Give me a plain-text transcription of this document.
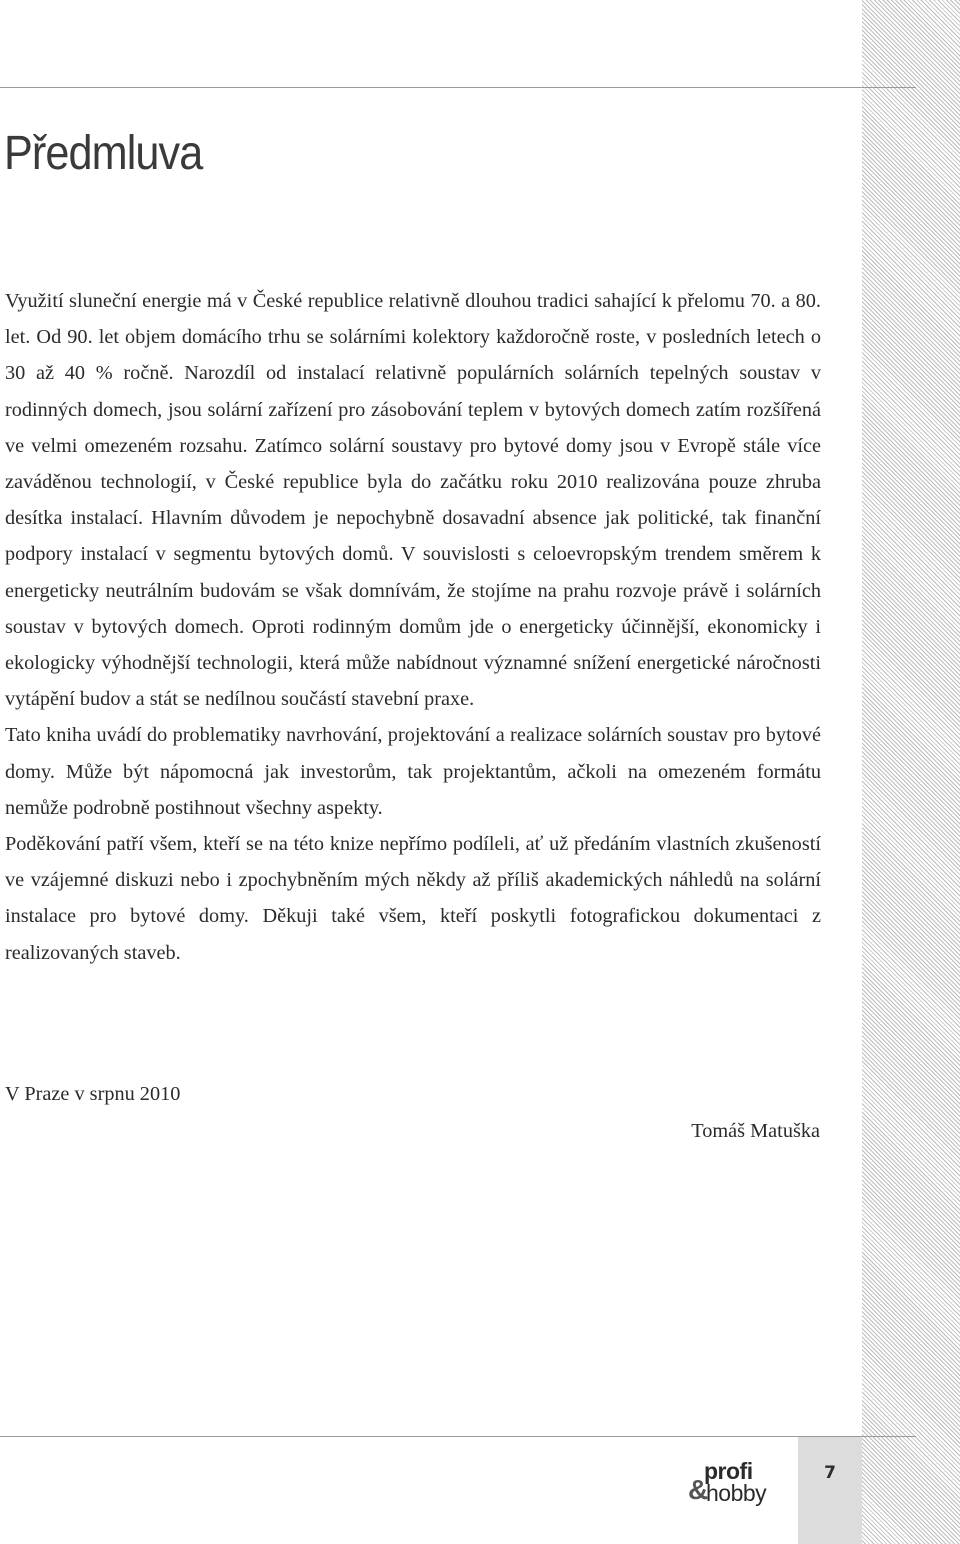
Předmluva

Využití sluneční energie má v České republice relativně dlouhou tradici sahající k přelomu 70. a 80. let. Od 90. let objem domácího trhu se solárními kolektory každoročně roste, v posledních letech o 30 až 40 % ročně. Narozdíl od instalací relativně populárních solárních tepelných soustav v rodinných domech, jsou solární zařízení pro zásobování teplem v bytových domech zatím rozšířená ve velmi omezeném rozsahu. Zatímco solární soustavy pro bytové domy jsou v Evropě stále více zaváděnou technologií, v České republice byla do začátku roku 2010 realizována pouze zhruba desítka instalací. Hlavním důvodem je nepochybně dosavadní absence jak politické, tak finanční podpory instalací v segmentu bytových domů. V souvislosti s celoevropským trendem směrem k energeticky neutrálním budovám se však domnívám, že stojíme na prahu rozvoje právě i solárních soustav v bytových domech. Oproti rodinným domům jde o energeticky účinnější, ekonomicky i ekologicky výhodnější technologii, která může nabídnout významné snížení energetické náročnosti vytápění budov a stát se nedílnou součástí stavební praxe.

Tato kniha uvádí do problematiky navrhování, projektování a realizace solárních soustav pro bytové domy. Může být nápomocná jak investorům, tak projektantům, ačkoli na omezeném formátu nemůže podrobně postihnout všechny aspekty.

Poděkování patří všem, kteří se na této knize nepřímo podíleli, ať už předáním vlastních zkušeností ve vzájemné diskuzi nebo i zpochybněním mých někdy až příliš akademických náhledů na solární instalace pro bytové domy. Děkuji také všem, kteří poskytli fotografickou dokumentaci z realizovaných staveb.

V Praze v srpnu 2010
Tomáš Matuška
&
profi
hobby
7
